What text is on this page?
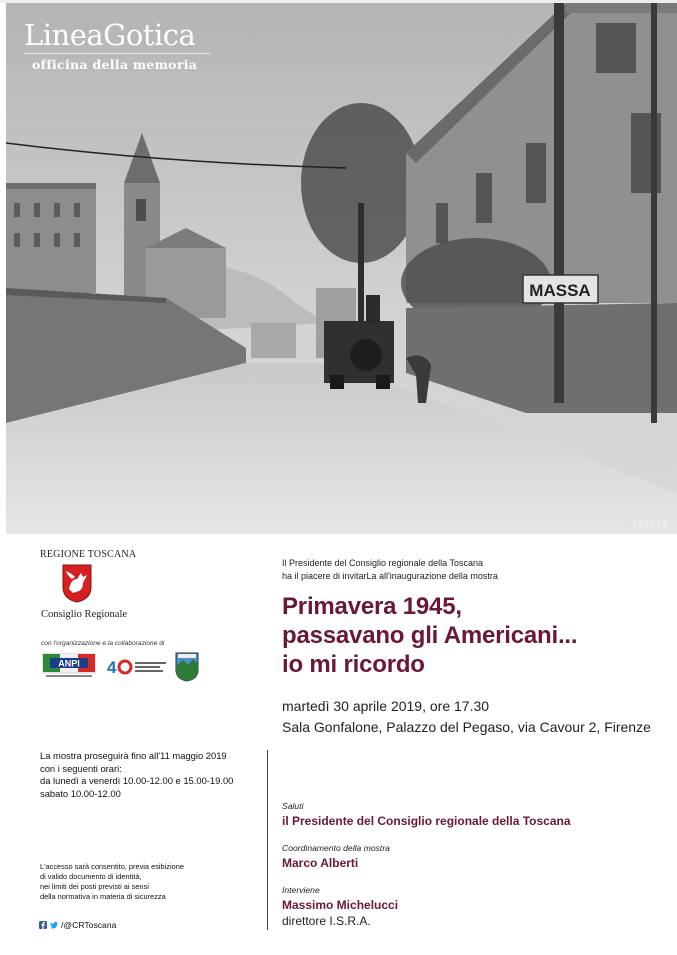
MASSA
LineaGotica
officina della memoria
332/33
REGIONE TOSCANA
Consiglio Regionale
con l'organizzazione e la collaborazione di
ANPI 4
La mostra proseguirà fino all'11 maggio 2019
con i seguenti orari:
da lunedì a venerdì 10.00-12.00 e 15.00-19.00
sabato 10.00-12.00
L'accesso sarà consentito, previa esibizione
di valido documento di identità,
nei limiti dei posti previsti ai sensi
della normativa in materia di sicurezza
/@CRToscana
Il Presidente del Consiglio regionale della Toscana
ha il piacere di invitarLa all'inaugurazione della mostra
Primavera 1945,
passavano gli Americani...
io mi ricordo
martedì 30 aprile 2019, ore 17.30
Sala Gonfalone, Palazzo del Pegaso, via Cavour 2, Firenze
Saluti
il Presidente del Consiglio regionale della Toscana
Coordinamento della mostra
Marco Alberti
Interviene
Massimo Michelucci
direttore I.S.R.A.
